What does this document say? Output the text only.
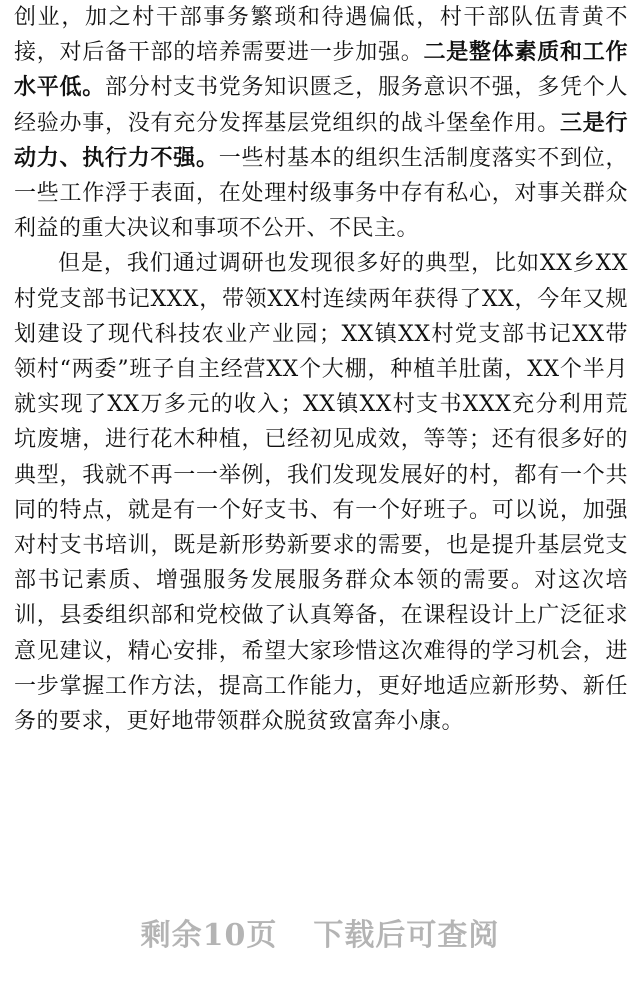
创业，加之村干部事务繁琐和待遇偏低，村干部队伍青黄不接，对后备干部的培养需要进一步加强。二是整体素质和工作水平低。部分村支书党务知识匮乏，服务意识不强，多凭个人经验办事，没有充分发挥基层党组织的战斗堡垒作用。三是行动力、执行力不强。一些村基本的组织生活制度落实不到位，一些工作浮于表面，在处理村级事务中存有私心，对事关群众利益的重大决议和事项不公开、不民主。

但是，我们通过调研也发现很多好的典型，比如XX乡XX村党支部书记XXX，带领XX村连续两年获得了XX，今年又规划建设了现代科技农业产业园；XX镇XX村党支部书记XX带领村“两委”班子自主经营XX个大棚，种植羊肚菌，XX个半月就实现了XX万多元的收入；XX镇XX村支书XXX充分利用荒坑废塘，进行花木种植，已经初见成效，等等；还有很多好的典型，我就不再一一举例，我们发现发展好的村，都有一个共同的特点，就是有一个好支书、有一个好班子。可以说，加强对村支书培训，既是新形势新要求的需要，也是提升基层党支部书记素质、增强服务发展服务群众本领的需要。对这次培训，县委组织部和党校做了认真筹备，在课程设计上广泛征求意见建议，精心安排，希望大家珍惜这次难得的学习机会，进一步掌握工作方法，提高工作能力，更好地适应新形势、新任务的要求，更好地带领群众脱贫致富奔小康。

剩余10页 下载后可查阅
